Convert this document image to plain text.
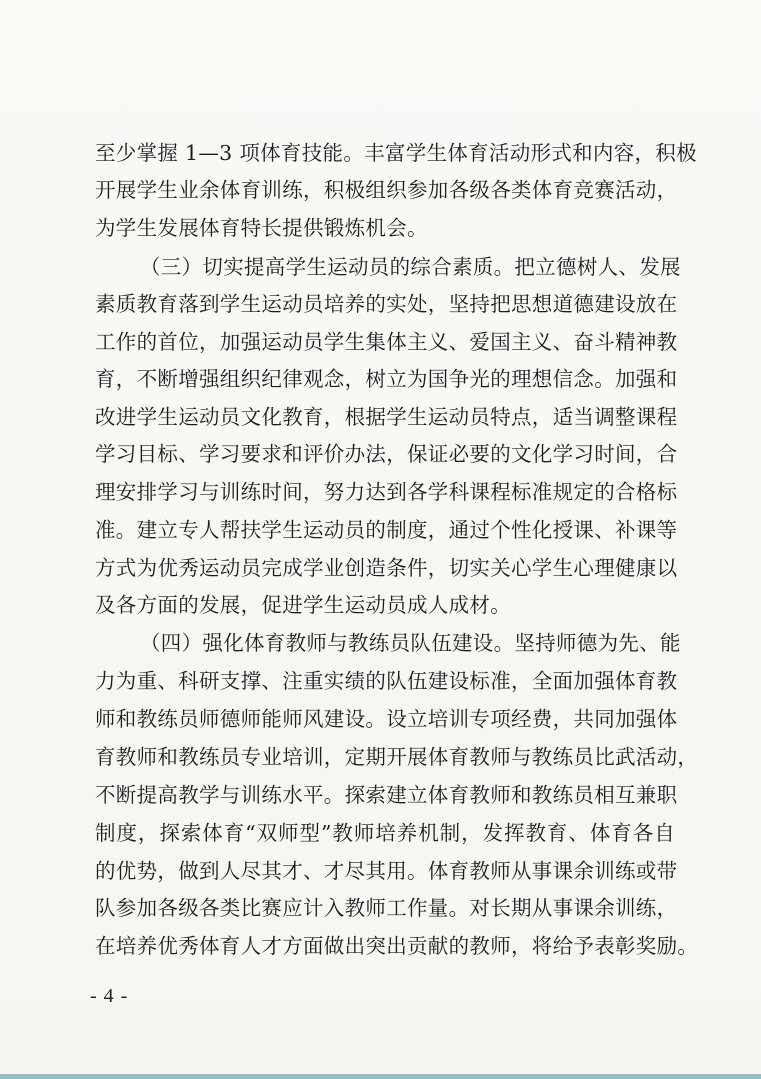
至少掌握 1—3 项体育技能。丰富学生体育活动形式和内容，积极
开展学生业余体育训练，积极组织参加各级各类体育竞赛活动，
为学生发展体育特长提供锻炼机会。
（三）切实提高学生运动员的综合素质。把立德树人、发展
素质教育落到学生运动员培养的实处，坚持把思想道德建设放在
工作的首位，加强运动员学生集体主义、爱国主义、奋斗精神教
育，不断增强组织纪律观念，树立为国争光的理想信念。加强和
改进学生运动员文化教育，根据学生运动员特点，适当调整课程
学习目标、学习要求和评价办法，保证必要的文化学习时间，合
理安排学习与训练时间，努力达到各学科课程标准规定的合格标
准。建立专人帮扶学生运动员的制度，通过个性化授课、补课等
方式为优秀运动员完成学业创造条件，切实关心学生心理健康以
及各方面的发展，促进学生运动员成人成材。
（四）强化体育教师与教练员队伍建设。坚持师德为先、能
力为重、科研支撑、注重实绩的队伍建设标准，全面加强体育教
师和教练员师德师能师风建设。设立培训专项经费，共同加强体
育教师和教练员专业培训，定期开展体育教师与教练员比武活动，
不断提高教学与训练水平。探索建立体育教师和教练员相互兼职
制度，探索体育“双师型”教师培养机制，发挥教育、体育各自
的优势，做到人尽其才、才尽其用。体育教师从事课余训练或带
队参加各级各类比赛应计入教师工作量。对长期从事课余训练，
在培养优秀体育人才方面做出突出贡献的教师，将给予表彰奖励。
- 4 -
